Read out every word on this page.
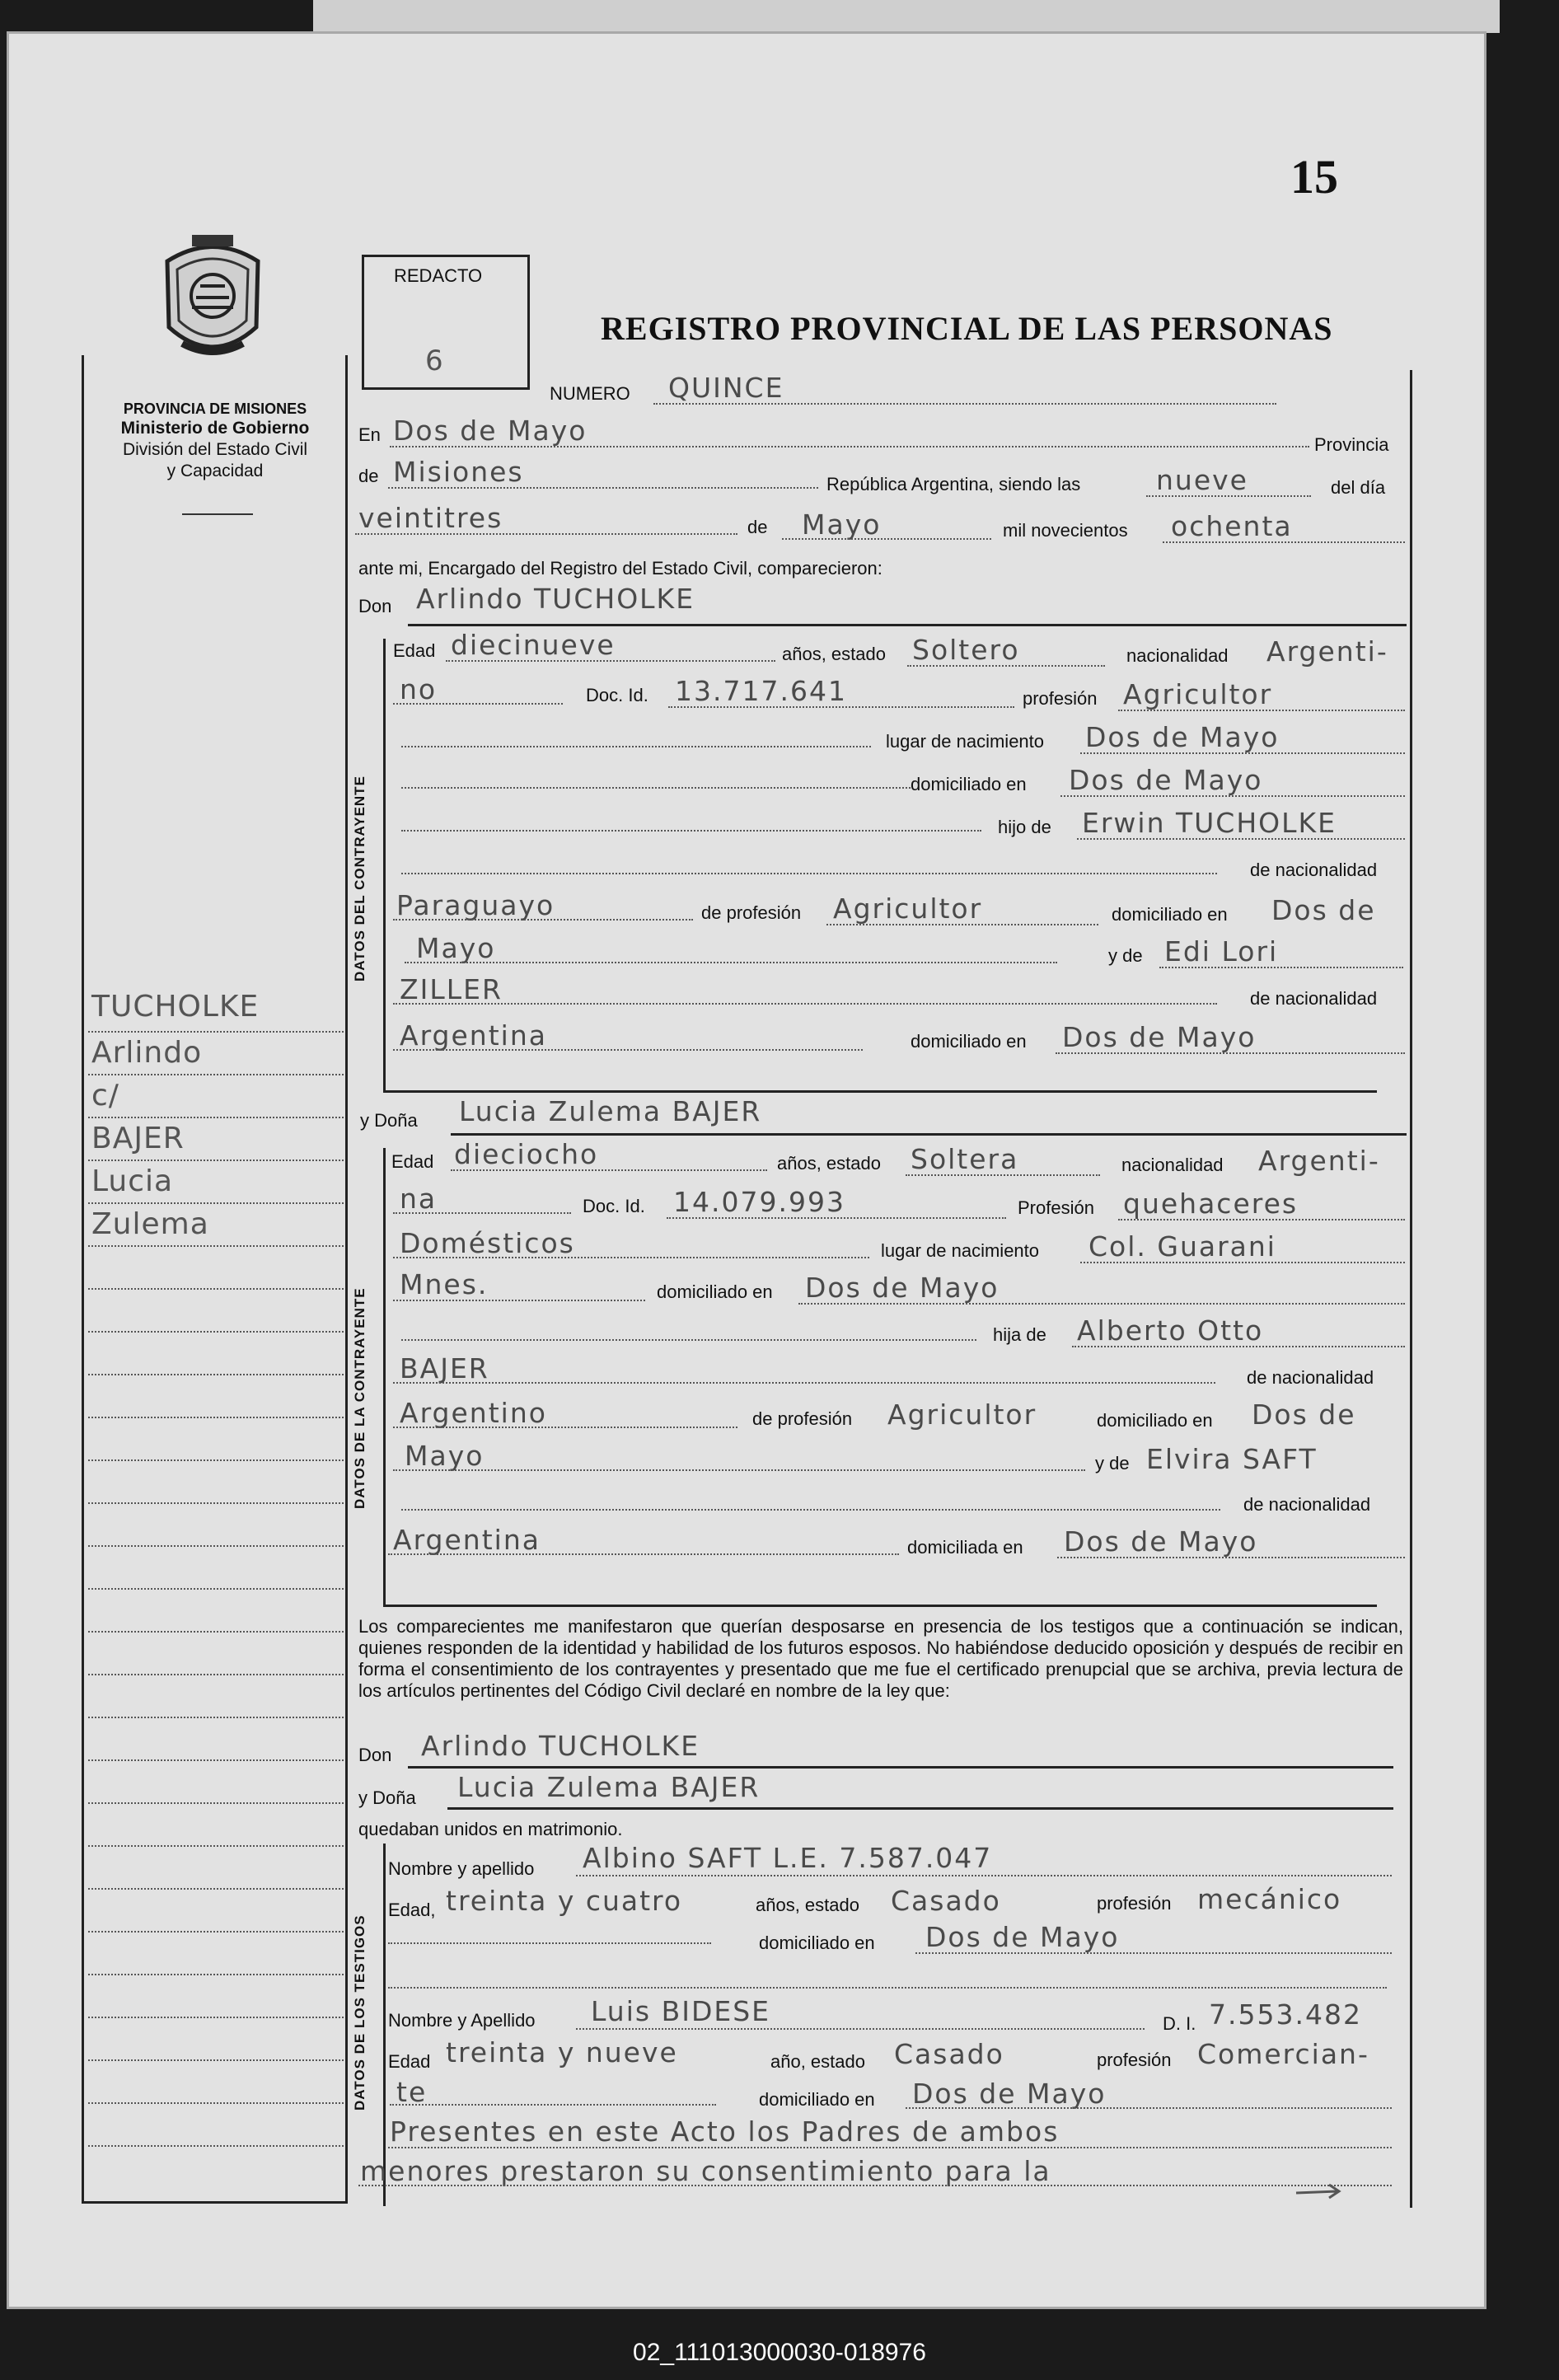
15
PROVINCIA DE MISIONES
Ministerio de Gobierno
División del Estado Civil
y Capacidad
TUCHOLKE
Arlindo
c/
BAJER
Lucia
Zulema
REDACTO
6
REGISTRO PROVINCIAL DE LAS PERSONAS
NUMERO QUINCE
En Dos de Mayo	Provincia
de Misiones	República Argentina, siendo las	nueve	del día
veintitres	de Mayo	mil novecientos ochenta
ante mi, Encargado del Registro del Estado Civil, comparecieron:
Don Arlindo TUCHOLKE
DATOS DEL CONTRAYENTE
Edad diecinueve	años, estado Soltero	nacionalidad Argenti-
no	Doc. Id. 13.717.641	profesión Agricultor
lugar de nacimiento Dos de Mayo
domiciliado en Dos de Mayo
hijo de Erwin TUCHOLKE
de nacionalidad
Paraguayo	de profesión Agricultor	domiciliado en Dos de
Mayo	y de Edi Lori
ZILLER	de nacionalidad
Argentina	domiciliado en Dos de Mayo
y Doña Lucia Zulema BAJER
DATOS DE LA CONTRAYENTE
Edad dieciocho	años, estado Soltera	nacionalidad Argenti-
na	Doc. Id. 14.079.993	Profesión quehaceres
Domésticos	lugar de nacimiento Col. Guarani
Mnes.	domiciliado en Dos de Mayo
hija de Alberto Otto
BAJER	de nacionalidad
Argentino	de profesión Agricultor	domiciliado en Dos de
Mayo	y de Elvira SAFT
de nacionalidad
Argentina	domiciliada en Dos de Mayo
Los comparecientes me manifestaron que querían desposarse en presencia de los testigos que a continuación se indican, quienes responden de la identidad y habilidad de los futuros esposos. No habiéndose deducido oposición y después de recibir en forma el consentimiento de los contrayentes y presentado que me fue el certificado prenupcial que se archiva, previa lectura de los artículos pertinentes del Código Civil declaré en nombre de la ley que:
Don Arlindo TUCHOLKE
y Doña Lucia Zulema BAJER
quedaban unidos en matrimonio.
DATOS DE LOS TESTIGOS
Nombre y apellido Albino SAFT L.E. 7.587.047
Edad, treinta y cuatro	años, estado Casado	profesión mecánico
domiciliado en Dos de Mayo
Nombre y Apellido Luis BIDESE	D. I. 7.553.482
Edad treinta y nueve	año, estado Casado	profesión Comercian-
te	domiciliado en Dos de Mayo
Presentes en este Acto los Padres de ambos
menores prestaron su consentimiento para la
02_111013000030-018976
